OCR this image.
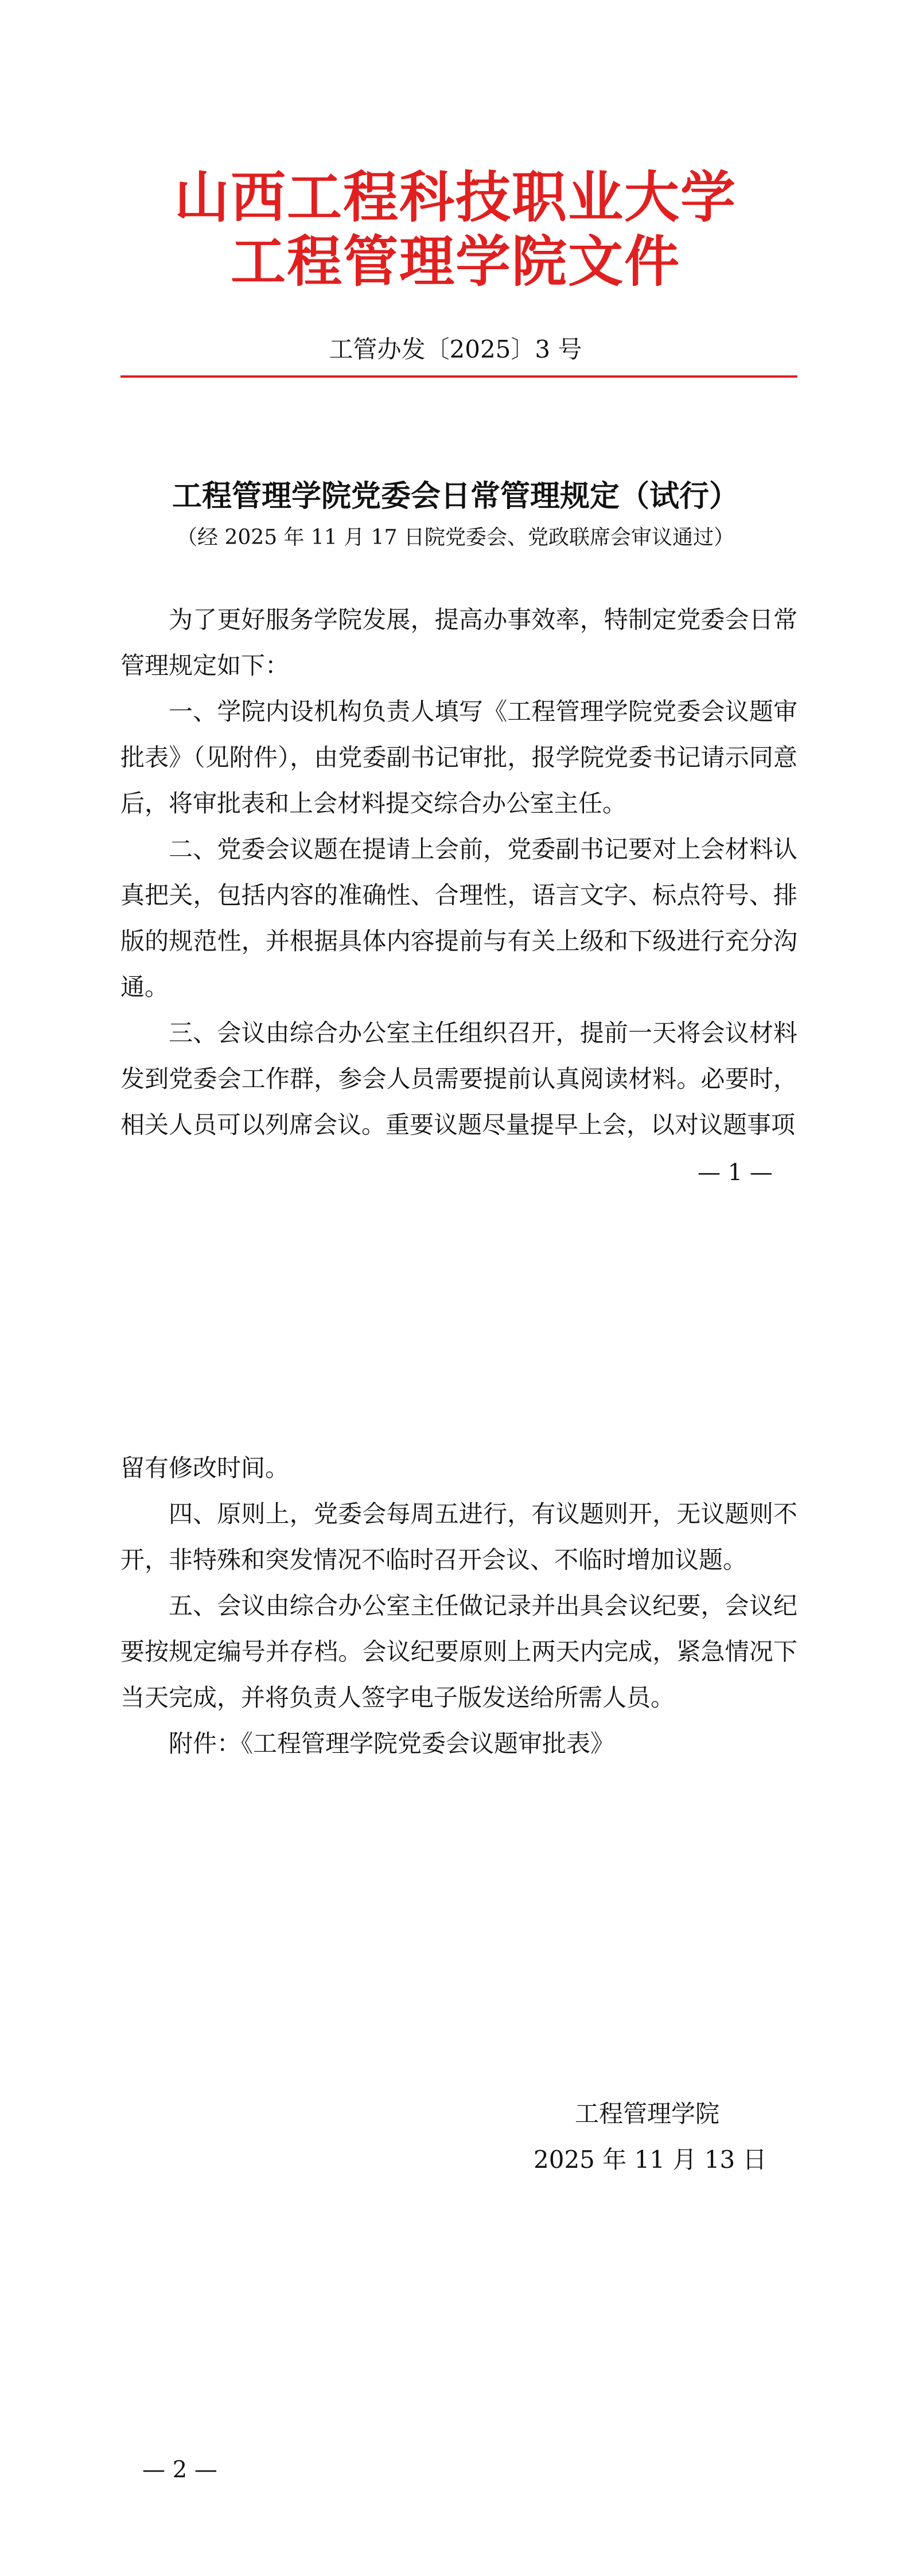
山西工程科技职业大学
工程管理学院文件
工管办发〔2025〕3 号
工程管理学院党委会日常管理规定（试行）
（经 2025 年 11 月 17 日院党委会、党政联席会审议通过）

为了更好服务学院发展，提高办事效率，特制定党委会日常管理规定如下：

一、学院内设机构负责人填写《工程管理学院党委会议题审批表》（见附件），由党委副书记审批，报学院党委书记请示同意后，将审批表和上会材料提交综合办公室主任。

二、党委会议题在提请上会前，党委副书记要对上会材料认真把关，包括内容的准确性、合理性，语言文字、标点符号、排版的规范性，并根据具体内容提前与有关上级和下级进行充分沟通。

三、会议由综合办公室主任组织召开，提前一天将会议材料发到党委会工作群，参会人员需要提前认真阅读材料。必要时，相关人员可以列席会议。重要议题尽量提早上会，以对议题事项

— 1 —

留有修改时间。

四、原则上，党委会每周五进行，有议题则开，无议题则不开，非特殊和突发情况不临时召开会议、不临时增加议题。

五、会议由综合办公室主任做记录并出具会议纪要，会议纪要按规定编号并存档。会议纪要原则上两天内完成，紧急情况下当天完成，并将负责人签字电子版发送给所需人员。

附件：《工程管理学院党委会议题审批表》

工程管理学院
2025 年 11 月 13 日
— 2 —
